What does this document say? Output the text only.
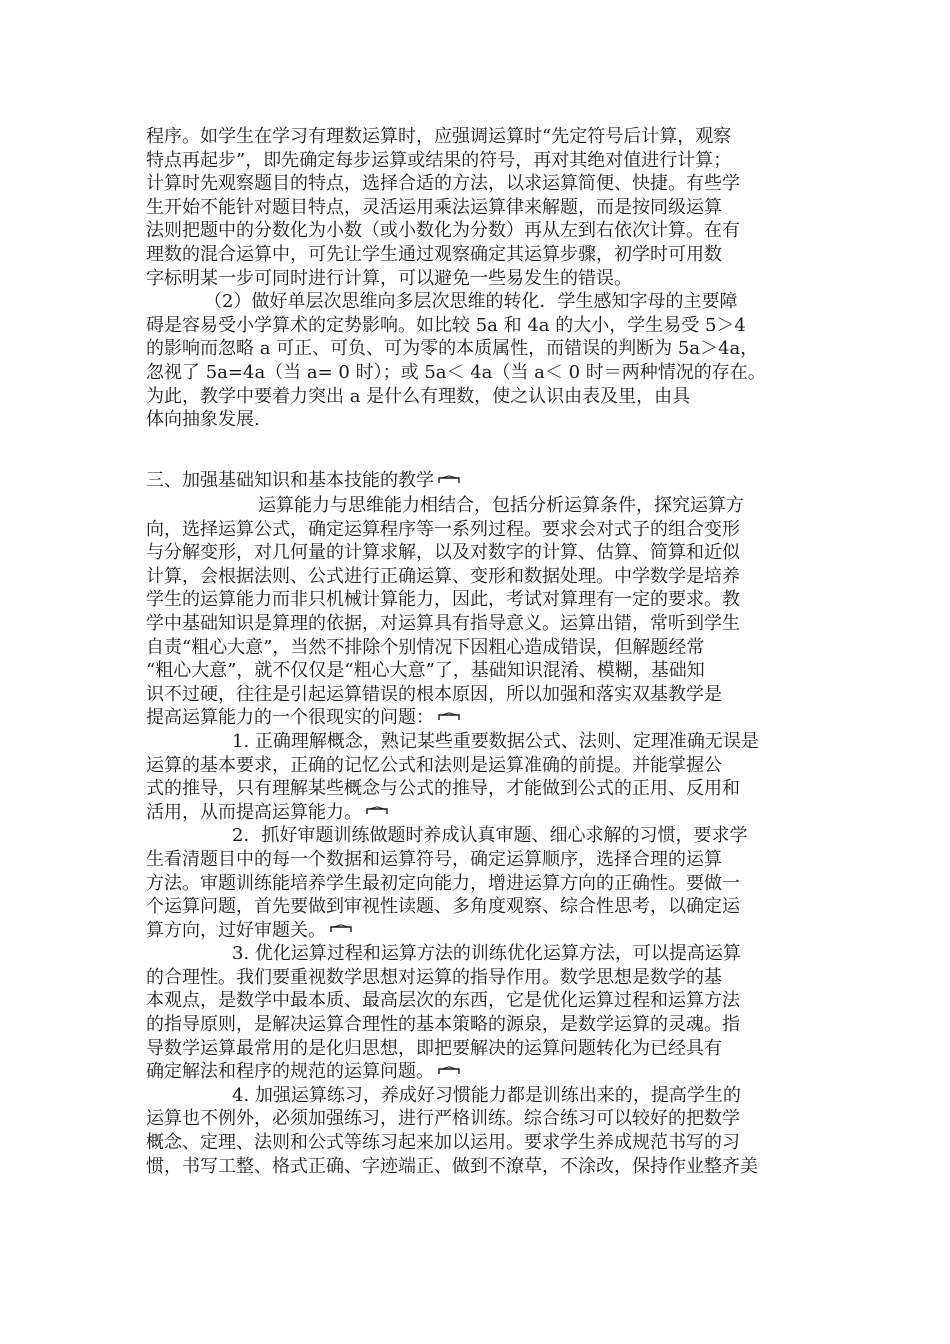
程序。如学生在学习有理数运算时，应强调运算时“先定符号后计算，观察
特点再起步”，即先确定每步运算或结果的符号，再对其绝对值进行计算；
计算时先观察题目的特点，选择合适的方法，以求运算简便、快捷。有些学
生开始不能针对题目特点，灵活运用乘法运算律来解题，而是按同级运算
法则把题中的分数化为小数（或小数化为分数）再从左到右依次计算。在有
理数的混合运算中，可先让学生通过观察确定其运算步骤，初学时可用数
字标明某一步可同时进行计算，可以避免一些易发生的错误。
（2）做好单层次思维向多层次思维的转化．学生感知字母的主要障
碍是容易受小学算术的定势影响。如比较 5a 和 4a 的大小，学生易受 5＞4
的影响而忽略 a 可正、可负、可为零的本质属性，而错误的判断为 5a＞4a，
忽视了 5a=4a（当 a= 0 时）；或 5a＜ 4a（当 a＜ 0 时＝两种情况的存在。
为此，教学中要着力突出 a 是什么有理数，使之认识由表及里，由具
体向抽象发展.
三、加强基础知识和基本技能的教学
运算能力与思维能力相结合，包括分析运算条件，探究运算方
向，选择运算公式，确定运算程序等一系列过程。要求会对式子的组合变形
与分解变形，对几何量的计算求解，以及对数字的计算、估算、简算和近似
计算，会根据法则、公式进行正确运算、变形和数据处理。中学数学是培养
学生的运算能力而非只机械计算能力，因此，考试对算理有一定的要求。教
学中基础知识是算理的依据，对运算具有指导意义。运算出错，常听到学生
自责“粗心大意”，当然不排除个别情况下因粗心造成错误，但解题经常
“粗心大意”，就不仅仅是“粗心大意”了，基础知识混淆、模糊，基础知
识不过硬，往往是引起运算错误的根本原因，所以加强和落实双基教学是
提高运算能力的一个很现实的问题：
1. 正确理解概念，熟记某些重要数据公式、法则、定理准确无误是
运算的基本要求，正确的记忆公式和法则是运算准确的前提。并能掌握公
式的推导，只有理解某些概念与公式的推导，才能做到公式的正用、反用和
活用，从而提高运算能力。
2．抓好审题训练做题时养成认真审题、细心求解的习惯，要求学
生看清题目中的每一个数据和运算符号，确定运算顺序，选择合理的运算
方法。审题训练能培养学生最初定向能力，增进运算方向的正确性。要做一
个运算问题，首先要做到审视性读题、多角度观察、综合性思考，以确定运
算方向，过好审题关。
3. 优化运算过程和运算方法的训练优化运算方法，可以提高运算
的合理性。我们要重视数学思想对运算的指导作用。数学思想是数学的基
本观点，是数学中最本质、最高层次的东西，它是优化运算过程和运算方法
的指导原则，是解决运算合理性的基本策略的源泉，是数学运算的灵魂。指
导数学运算最常用的是化归思想，即把要解决的运算问题转化为已经具有
确定解法和程序的规范的运算问题。
4. 加强运算练习，养成好习惯能力都是训练出来的，提高学生的
运算也不例外，必须加强练习，进行严格训练。综合练习可以较好的把数学
概念、定理、法则和公式等练习起来加以运用。要求学生养成规范书写的习
惯，书写工整、格式正确、字迹端正、做到不潦草，不涂改，保持作业整齐美
